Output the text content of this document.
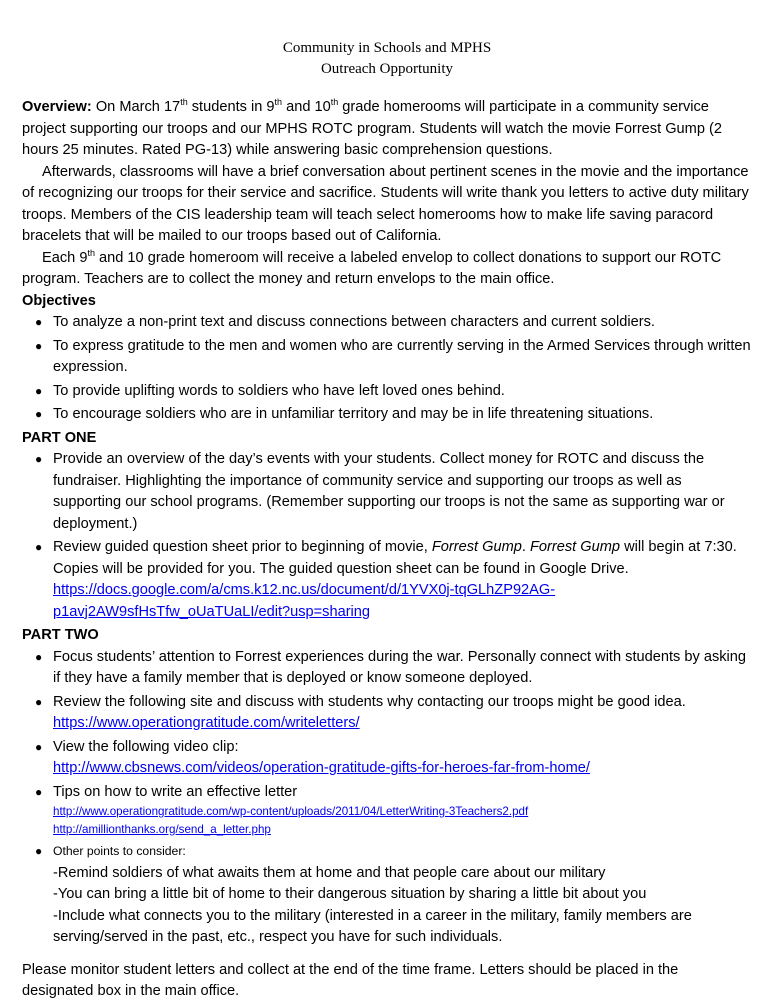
Community in Schools and MPHS
Outreach Opportunity

Overview: On March 17th students in 9th and 10th grade homerooms will participate in a community service project supporting our troops and our MPHS ROTC program. Students will watch the movie Forrest Gump (2 hours 25 minutes. Rated PG-13) while answering basic comprehension questions.

Afterwards, classrooms will have a brief conversation about pertinent scenes in the movie and the importance of recognizing our troops for their service and sacrifice. Students will write thank you letters to active duty military troops. Members of the CIS leadership team will teach select homerooms how to make life saving paracord bracelets that will be mailed to our troops based out of California.

Each 9th and 10 grade homeroom will receive a labeled envelop to collect donations to support our ROTC program. Teachers are to collect the money and return envelops to the main office.

Objectives
● To analyze a non-print text and discuss connections between characters and current soldiers.
● To express gratitude to the men and women who are currently serving in the Armed Services through written expression.
● To provide uplifting words to soldiers who have left loved ones behind.
● To encourage soldiers who are in unfamiliar territory and may be in life threatening situations.
PART ONE
● Provide an overview of the day’s events with your students. Collect money for ROTC and discuss the fundraiser. Highlighting the importance of community service and supporting our troops as well as supporting our school programs. (Remember supporting our troops is not the same as supporting war or deployment.)
● Review guided question sheet prior to beginning of movie, Forrest Gump. Forrest Gump will begin at 7:30. Copies will be provided for you. The guided question sheet can be found in Google Drive.
https://docs.google.com/a/cms.k12.nc.us/document/d/1YVX0j-tqGLhZP92AG-p1avj2AW9sfHsTfw_oUaTUaLI/edit?usp=sharing
PART TWO
● Focus students’ attention to Forrest experiences during the war. Personally connect with students by asking if they have a family member that is deployed or know someone deployed.
● Review the following site and discuss with students why contacting our troops might be good idea.
https://www.operationgratitude.com/writeletters/
● View the following video clip:
http://www.cbsnews.com/videos/operation-gratitude-gifts-for-heroes-far-from-home/
● Tips on how to write an effective letter
http://www.operationgratitude.com/wp-content/uploads/2011/04/LetterWriting-3Teachers2.pdf
http://amillionthanks.org/send_a_letter.php
● Other points to consider:
-Remind soldiers of what awaits them at home and that people care about our military
-You can bring a little bit of home to their dangerous situation by sharing a little bit about you
-Include what connects you to the military (interested in a career in the military, family members are serving/served in the past, etc., respect you have for such individuals.

Please monitor student letters and collect at the end of the time frame. Letters should be placed in the designated box in the main office.
